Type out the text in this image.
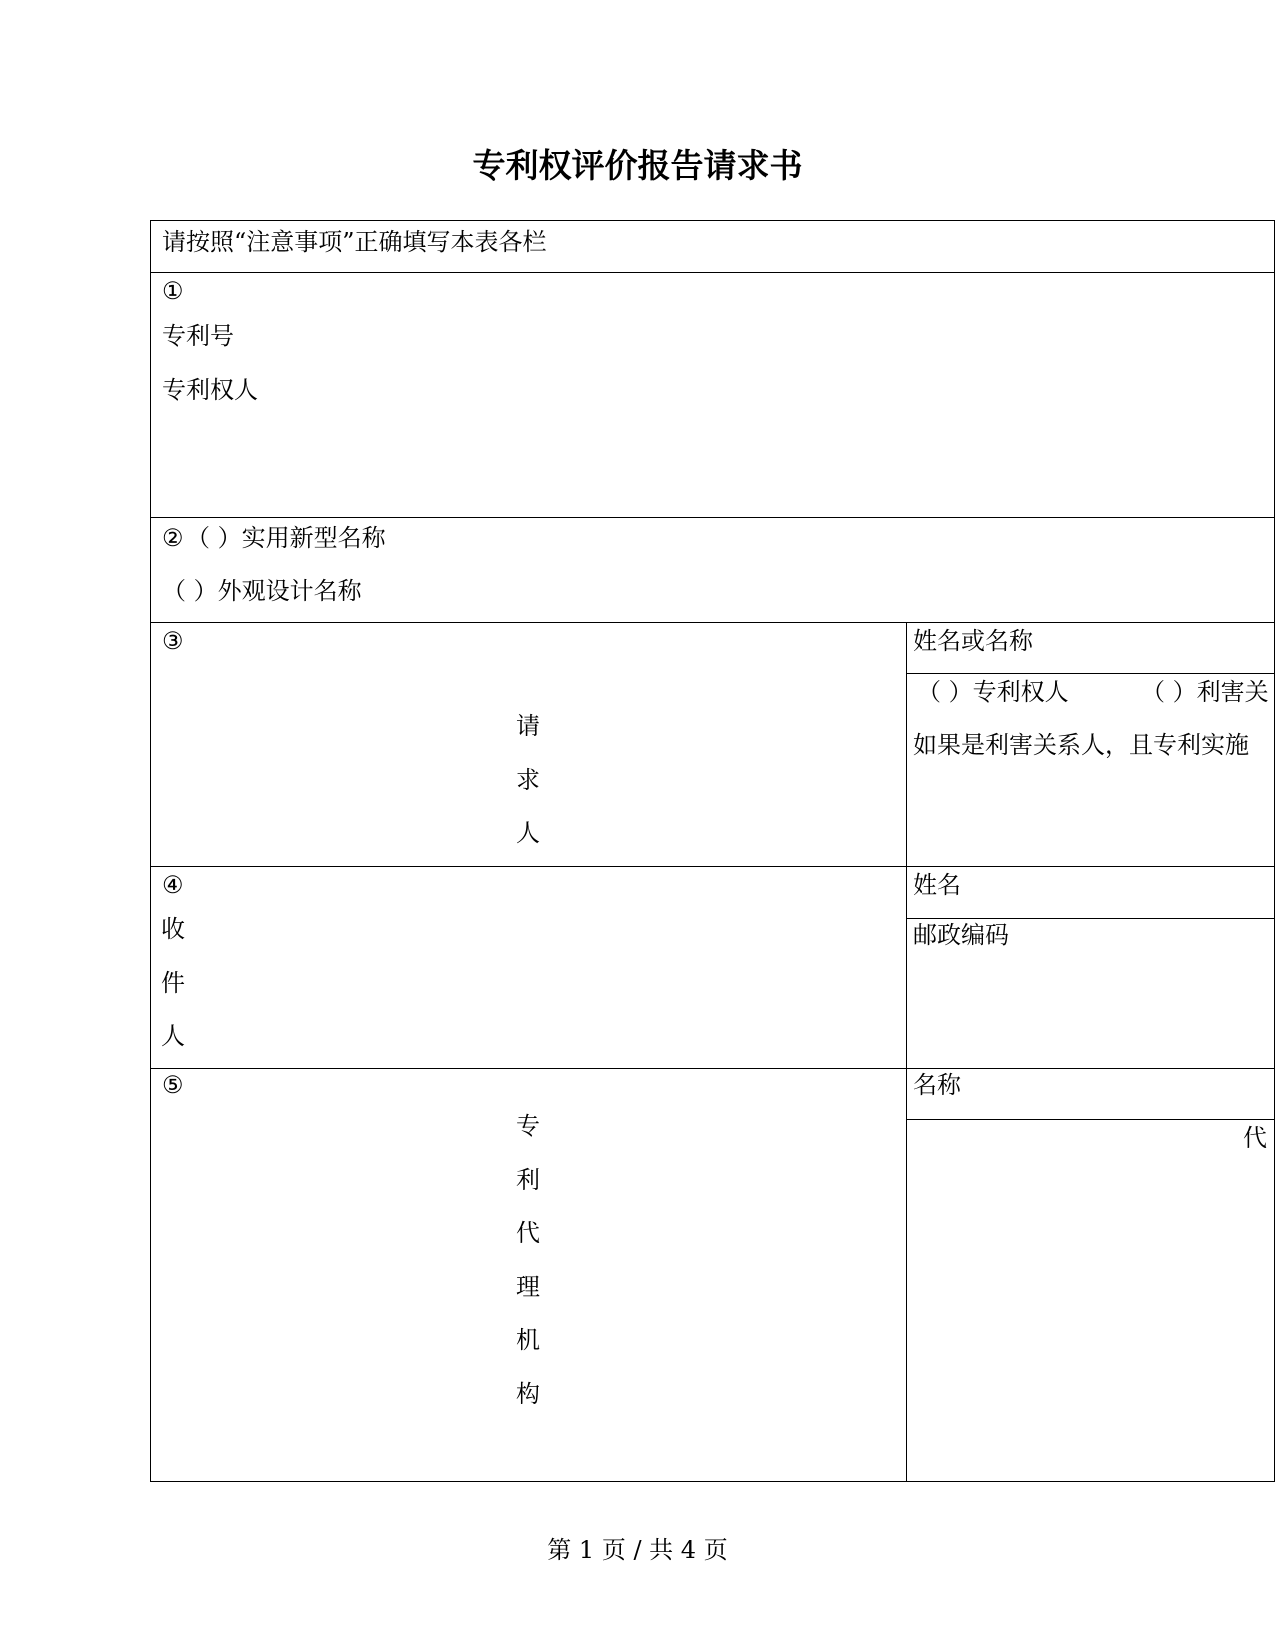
专利权评价报告请求书
请按照“注意事项”正确填写本表各栏
①
专利号
专利权人
② （ ）实用新型名称
（ ）外观设计名称
③
请
求
人
姓名或名称
（ ）专利权人	（ ）利害关
如果是利害关系人，且专利实施
④
收
件
人
姓名
邮政编码
⑤
专
利
代
理
机
构
名称
代
第 1 页 / 共 4 页
